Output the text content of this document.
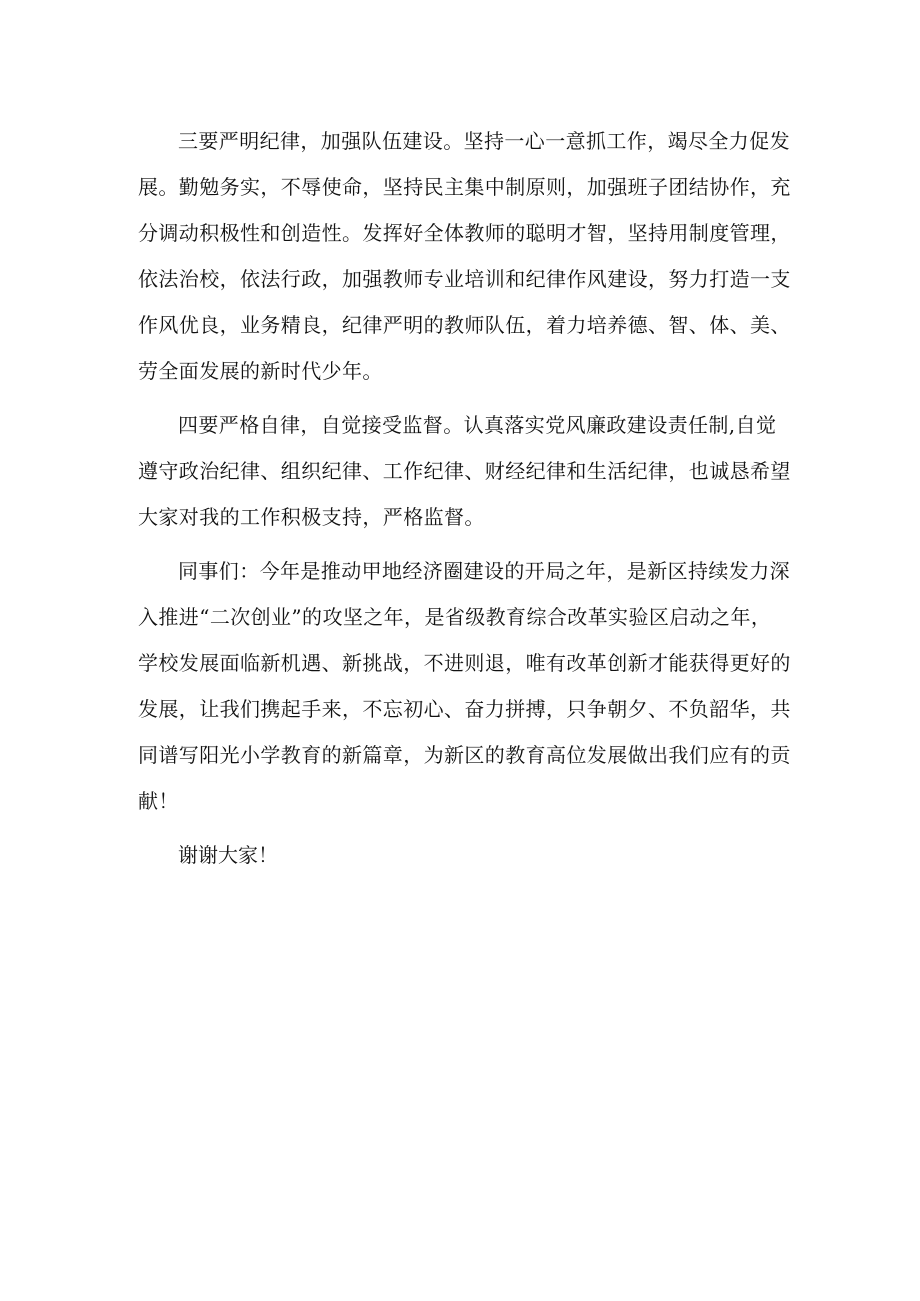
三要严明纪律，加强队伍建设。坚持一心一意抓工作，竭尽全力促发
展。勤勉务实，不辱使命，坚持民主集中制原则，加强班子团结协作，充
分调动积极性和创造性。发挥好全体教师的聪明才智，坚持用制度管理，
依法治校，依法行政，加强教师专业培训和纪律作风建设，努力打造一支
作风优良，业务精良，纪律严明的教师队伍，着力培养德、智、体、美、
劳全面发展的新时代少年。

四要严格自律，自觉接受监督。认真落实党风廉政建设责任制,自觉
遵守政治纪律、组织纪律、工作纪律、财经纪律和生活纪律，也诚恳希望
大家对我的工作积极支持，严格监督。

同事们：今年是推动甲地经济圈建设的开局之年，是新区持续发力深
入推进“二次创业”的攻坚之年，是省级教育综合改革实验区启动之年，
学校发展面临新机遇、新挑战，不进则退，唯有改革创新才能获得更好的
发展，让我们携起手来，不忘初心、奋力拼搏，只争朝夕、不负韶华，共
同谱写阳光小学教育的新篇章，为新区的教育高位发展做出我们应有的贡
献！

谢谢大家！
